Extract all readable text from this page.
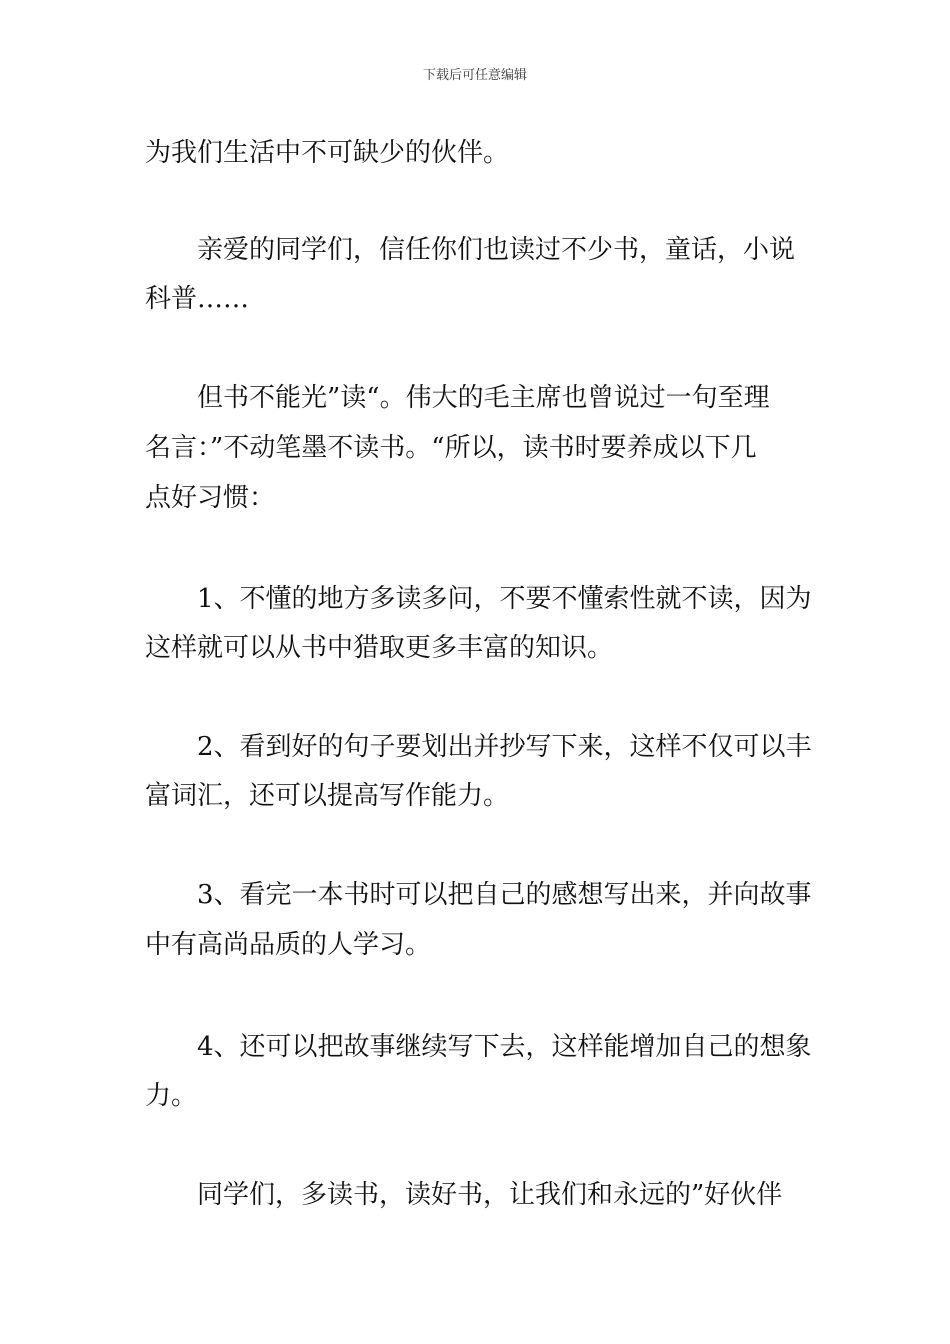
下载后可任意编辑
为我们生活中不可缺少的伙伴。
亲爱的同学们，信任你们也读过不少书，童话，小说
科普……
但书不能光”读“。伟大的毛主席也曾说过一句至理
名言：”不动笔墨不读书。“所以，读书时要养成以下几
点好习惯：
1、不懂的地方多读多问，不要不懂索性就不读，因为
这样就可以从书中猎取更多丰富的知识。
2、看到好的句子要划出并抄写下来，这样不仅可以丰
富词汇，还可以提高写作能力。
3、看完一本书时可以把自己的感想写出来，并向故事
中有高尚品质的人学习。
4、还可以把故事继续写下去，这样能增加自己的想象
力。
同学们，多读书，读好书，让我们和永远的”好伙伴
